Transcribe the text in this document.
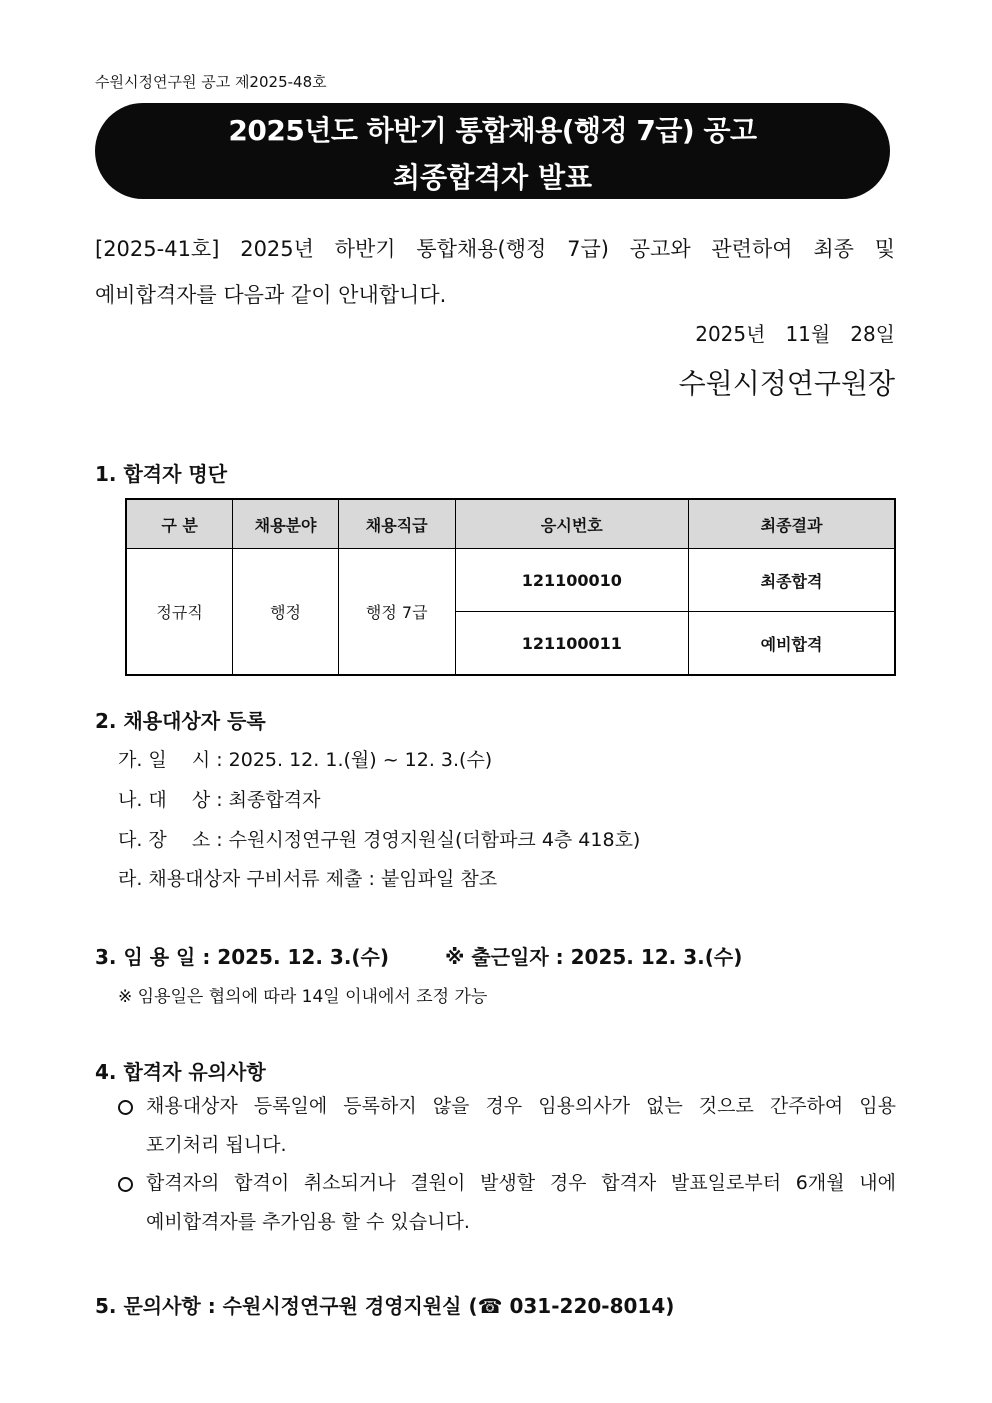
수원시정연구원 공고 제2025-48호
2025년도 하반기 통합채용(행정 7급) 공고
최종합격자 발표
[2025-41호] 2025년 하반기 통합채용(행정 7급) 공고와 관련하여 최종 및
예비합격자를 다음과 같이 안내합니다.
2025년　11월　28일
수원시정연구원장
1. 합격자 명단
구 분	채용분야	채용직급	응시번호	최종결과
정규직	행정	행정 7급	121100010	최종합격
			121100011	예비합격
2. 채용대상자 등록
가. 일　 시 : 2025. 12. 1.(월) ~ 12. 3.(수)
나. 대　 상 : 최종합격자
다. 장　 소 : 수원시정연구원 경영지원실(더함파크 4층 418호)
라. 채용대상자 구비서류 제출 : 붙임파일 참조
3. 임 용 일 : 2025. 12. 3.(수)	※ 출근일자 : 2025. 12. 3.(수)
※ 임용일은 협의에 따라 14일 이내에서 조정 가능
4. 합격자 유의사항
채용대상자 등록일에 등록하지 않을 경우 임용의사가 없는 것으로 간주하여 임용
포기처리 됩니다.
합격자의 합격이 취소되거나 결원이 발생할 경우 합격자 발표일로부터 6개월 내에
예비합격자를 추가임용 할 수 있습니다.
5. 문의사항 : 수원시정연구원 경영지원실 (☎ 031-220-8014)
